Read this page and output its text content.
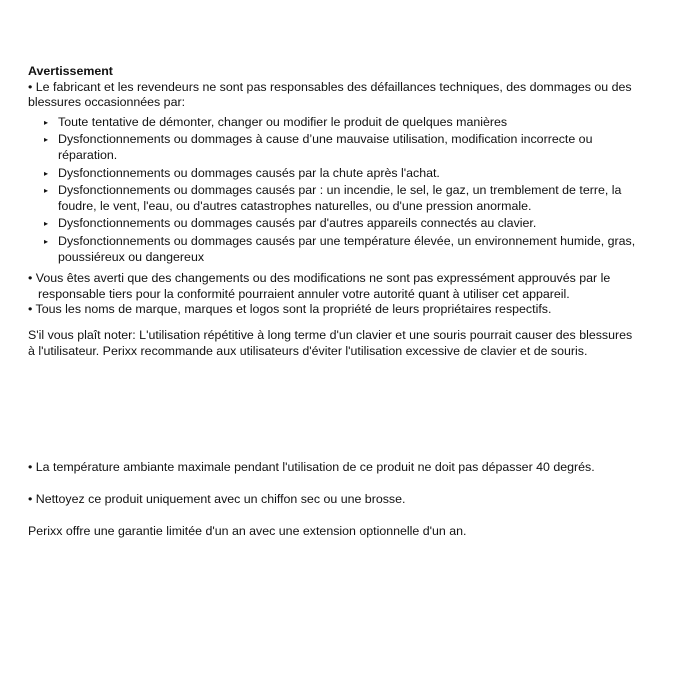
Avertissement

• Le fabricant et les revendeurs ne sont pas responsables des défaillances techniques, des dommages ou des blessures occasionnées par:

▸ Toute tentative de démonter, changer ou modifier le produit de quelques manières
▸ Dysfonctionnements ou dommages à cause d’une mauvaise utilisation, modification incorrecte ou réparation.
▸ Dysfonctionnements ou dommages causés par la chute après l'achat.
▸ Dysfonctionnements ou dommages causés par : un incendie, le sel, le gaz, un tremblement de terre, la foudre, le vent, l'eau, ou d'autres catastrophes naturelles, ou d'une pression anormale.
▸ Dysfonctionnements ou dommages causés par d'autres appareils connectés au clavier.
▸ Dysfonctionnements ou dommages causés par une température élevée, un environnement humide, gras, poussiéreux ou dangereux
• Vous êtes averti que des changements ou des modifications ne sont pas expressément approuvés par le
responsable tiers pour la conformité pourraient annuler votre autorité quant à utiliser cet appareil.
• Tous les noms de marque, marques et logos sont la propriété de leurs propriétaires respectifs.

S'il vous plaît noter: L'utilisation répétitive à long terme d'un clavier et une souris pourrait causer des blessures à l'utilisateur. Perixx recommande aux utilisateurs d'éviter l'utilisation excessive de clavier et de souris.

• La température ambiante maximale pendant l'utilisation de ce produit ne doit pas dépasser 40 degrés.
• Nettoyez ce produit uniquement avec un chiffon sec ou une brosse.
Perixx offre une garantie limitée d'un an avec une extension optionnelle d'un an.
